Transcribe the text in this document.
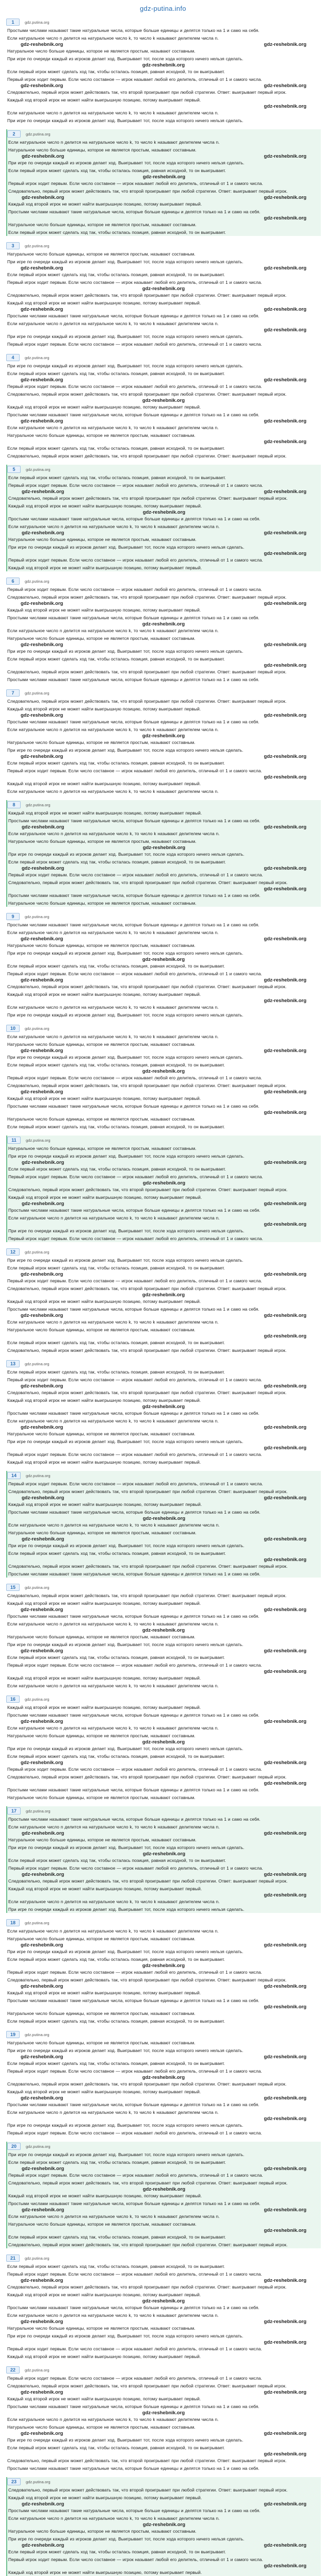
gdz-putina.info
1	gdz.putina.org

Простыми числами называют такие натуральные числа, которые больше единицы и делятся только на 1 и само на себя.

Если натуральное число n делится на натуральное число k, то число k называют делителем числа n.

gdz-reshebnik.org	gdz-reshebnik.org

Натуральное число больше единицы, которое не является простым, называют составным.

При игре по очереди каждый из игроков делает ход. Выигрывает тот, после хода которого ничего нельзя сделать.

gdz-reshebnik.org

Если первый игрок может сделать ход так, чтобы осталась позиция, равная исходной, то он выигрывает.

Первый игрок ходит первым. Если число составное — игрок называет любой его делитель, отличный от 1 и самого числа.

gdz-reshebnik.org	gdz-reshebnik.org

Следовательно, первый игрок может действовать так, что второй проигрывает при любой стратегии. Ответ: выигрывает первый игрок.

Каждый ход второй игрок не может найти выигрышную позицию, потому выигрывает первый.

gdz-reshebnik.org

Если натуральное число n делится на натуральное число k, то число k называют делителем числа n.

При игре по очереди каждый из игроков делает ход. Выигрывает тот, после хода которого ничего нельзя сделать.

2	gdz.putina.org

Если натуральное число n делится на натуральное число k, то число k называют делителем числа n.

Натуральное число больше единицы, которое не является простым, называют составным.

gdz-reshebnik.org	gdz-reshebnik.org

При игре по очереди каждый из игроков делает ход. Выигрывает тот, после хода которого ничего нельзя сделать.

Если первый игрок может сделать ход так, чтобы осталась позиция, равная исходной, то он выигрывает.

gdz-reshebnik.org

Первый игрок ходит первым. Если число составное — игрок называет любой его делитель, отличный от 1 и самого числа.

Следовательно, первый игрок может действовать так, что второй проигрывает при любой стратегии. Ответ: выигрывает первый игрок.

gdz-reshebnik.org	gdz-reshebnik.org

Каждый ход второй игрок не может найти выигрышную позицию, потому выигрывает первый.

Простыми числами называют такие натуральные числа, которые больше единицы и делятся только на 1 и само на себя.

gdz-reshebnik.org

Натуральное число больше единицы, которое не является простым, называют составным.

Если первый игрок может сделать ход так, чтобы осталась позиция, равная исходной, то он выигрывает.

3	gdz.putina.org

Натуральное число больше единицы, которое не является простым, называют составным.

При игре по очереди каждый из игроков делает ход. Выигрывает тот, после хода которого ничего нельзя сделать.

gdz-reshebnik.org	gdz-reshebnik.org

Если первый игрок может сделать ход так, чтобы осталась позиция, равная исходной, то он выигрывает.

Первый игрок ходит первым. Если число составное — игрок называет любой его делитель, отличный от 1 и самого числа.

gdz-reshebnik.org

Следовательно, первый игрок может действовать так, что второй проигрывает при любой стратегии. Ответ: выигрывает первый игрок.

Каждый ход второй игрок не может найти выигрышную позицию, потому выигрывает первый.

gdz-reshebnik.org	gdz-reshebnik.org

Простыми числами называют такие натуральные числа, которые больше единицы и делятся только на 1 и само на себя.

Если натуральное число n делится на натуральное число k, то число k называют делителем числа n.

gdz-reshebnik.org

При игре по очереди каждый из игроков делает ход. Выигрывает тот, после хода которого ничего нельзя сделать.

Первый игрок ходит первым. Если число составное — игрок называет любой его делитель, отличный от 1 и самого числа.

4	gdz.putina.org

При игре по очереди каждый из игроков делает ход. Выигрывает тот, после хода которого ничего нельзя сделать.

Если первый игрок может сделать ход так, чтобы осталась позиция, равная исходной, то он выигрывает.

gdz-reshebnik.org	gdz-reshebnik.org

Первый игрок ходит первым. Если число составное — игрок называет любой его делитель, отличный от 1 и самого числа.

Следовательно, первый игрок может действовать так, что второй проигрывает при любой стратегии. Ответ: выигрывает первый игрок.

gdz-reshebnik.org

Каждый ход второй игрок не может найти выигрышную позицию, потому выигрывает первый.

Простыми числами называют такие натуральные числа, которые больше единицы и делятся только на 1 и само на себя.

gdz-reshebnik.org	gdz-reshebnik.org

Если натуральное число n делится на натуральное число k, то число k называют делителем числа n.

Натуральное число больше единицы, которое не является простым, называют составным.

gdz-reshebnik.org

Если первый игрок может сделать ход так, чтобы осталась позиция, равная исходной, то он выигрывает.

Следовательно, первый игрок может действовать так, что второй проигрывает при любой стратегии. Ответ: выигрывает первый игрок.

5	gdz.putina.org

Если первый игрок может сделать ход так, чтобы осталась позиция, равная исходной, то он выигрывает.

Первый игрок ходит первым. Если число составное — игрок называет любой его делитель, отличный от 1 и самого числа.

gdz-reshebnik.org	gdz-reshebnik.org

Следовательно, первый игрок может действовать так, что второй проигрывает при любой стратегии. Ответ: выигрывает первый игрок.

Каждый ход второй игрок не может найти выигрышную позицию, потому выигрывает первый.

gdz-reshebnik.org

Простыми числами называют такие натуральные числа, которые больше единицы и делятся только на 1 и само на себя.

Если натуральное число n делится на натуральное число k, то число k называют делителем числа n.

gdz-reshebnik.org	gdz-reshebnik.org

Натуральное число больше единицы, которое не является простым, называют составным.

При игре по очереди каждый из игроков делает ход. Выигрывает тот, после хода которого ничего нельзя сделать.

gdz-reshebnik.org

Первый игрок ходит первым. Если число составное — игрок называет любой его делитель, отличный от 1 и самого числа.

Каждый ход второй игрок не может найти выигрышную позицию, потому выигрывает первый.

6	gdz.putina.org

Первый игрок ходит первым. Если число составное — игрок называет любой его делитель, отличный от 1 и самого числа.

Следовательно, первый игрок может действовать так, что второй проигрывает при любой стратегии. Ответ: выигрывает первый игрок.

gdz-reshebnik.org	gdz-reshebnik.org

Каждый ход второй игрок не может найти выигрышную позицию, потому выигрывает первый.

Простыми числами называют такие натуральные числа, которые больше единицы и делятся только на 1 и само на себя.

gdz-reshebnik.org

Если натуральное число n делится на натуральное число k, то число k называют делителем числа n.

Натуральное число больше единицы, которое не является простым, называют составным.

gdz-reshebnik.org	gdz-reshebnik.org

При игре по очереди каждый из игроков делает ход. Выигрывает тот, после хода которого ничего нельзя сделать.

Если первый игрок может сделать ход так, чтобы осталась позиция, равная исходной, то он выигрывает.

gdz-reshebnik.org

Следовательно, первый игрок может действовать так, что второй проигрывает при любой стратегии. Ответ: выигрывает первый игрок.

Простыми числами называют такие натуральные числа, которые больше единицы и делятся только на 1 и само на себя.

7	gdz.putina.org

Следовательно, первый игрок может действовать так, что второй проигрывает при любой стратегии. Ответ: выигрывает первый игрок.

Каждый ход второй игрок не может найти выигрышную позицию, потому выигрывает первый.

gdz-reshebnik.org	gdz-reshebnik.org

Простыми числами называют такие натуральные числа, которые больше единицы и делятся только на 1 и само на себя.

Если натуральное число n делится на натуральное число k, то число k называют делителем числа n.

gdz-reshebnik.org

Натуральное число больше единицы, которое не является простым, называют составным.

При игре по очереди каждый из игроков делает ход. Выигрывает тот, после хода которого ничего нельзя сделать.

gdz-reshebnik.org	gdz-reshebnik.org

Если первый игрок может сделать ход так, чтобы осталась позиция, равная исходной, то он выигрывает.

Первый игрок ходит первым. Если число составное — игрок называет любой его делитель, отличный от 1 и самого числа.

gdz-reshebnik.org

Каждый ход второй игрок не может найти выигрышную позицию, потому выигрывает первый.

Если натуральное число n делится на натуральное число k, то число k называют делителем числа n.

8	gdz.putina.org

Каждый ход второй игрок не может найти выигрышную позицию, потому выигрывает первый.

Простыми числами называют такие натуральные числа, которые больше единицы и делятся только на 1 и само на себя.

gdz-reshebnik.org	gdz-reshebnik.org

Если натуральное число n делится на натуральное число k, то число k называют делителем числа n.

Натуральное число больше единицы, которое не является простым, называют составным.

gdz-reshebnik.org

При игре по очереди каждый из игроков делает ход. Выигрывает тот, после хода которого ничего нельзя сделать.

Если первый игрок может сделать ход так, чтобы осталась позиция, равная исходной, то он выигрывает.

gdz-reshebnik.org	gdz-reshebnik.org

Первый игрок ходит первым. Если число составное — игрок называет любой его делитель, отличный от 1 и самого числа.

Следовательно, первый игрок может действовать так, что второй проигрывает при любой стратегии. Ответ: выигрывает первый игрок.

gdz-reshebnik.org

Простыми числами называют такие натуральные числа, которые больше единицы и делятся только на 1 и само на себя.

Натуральное число больше единицы, которое не является простым, называют составным.

9	gdz.putina.org

Простыми числами называют такие натуральные числа, которые больше единицы и делятся только на 1 и само на себя.

Если натуральное число n делится на натуральное число k, то число k называют делителем числа n.

gdz-reshebnik.org	gdz-reshebnik.org

Натуральное число больше единицы, которое не является простым, называют составным.

При игре по очереди каждый из игроков делает ход. Выигрывает тот, после хода которого ничего нельзя сделать.

gdz-reshebnik.org

Если первый игрок может сделать ход так, чтобы осталась позиция, равная исходной, то он выигрывает.

Первый игрок ходит первым. Если число составное — игрок называет любой его делитель, отличный от 1 и самого числа.

gdz-reshebnik.org	gdz-reshebnik.org

Следовательно, первый игрок может действовать так, что второй проигрывает при любой стратегии. Ответ: выигрывает первый игрок.

Каждый ход второй игрок не может найти выигрышную позицию, потому выигрывает первый.

gdz-reshebnik.org

Если натуральное число n делится на натуральное число k, то число k называют делителем числа n.

При игре по очереди каждый из игроков делает ход. Выигрывает тот, после хода которого ничего нельзя сделать.

10	gdz.putina.org

Если натуральное число n делится на натуральное число k, то число k называют делителем числа n.

Натуральное число больше единицы, которое не является простым, называют составным.

gdz-reshebnik.org	gdz-reshebnik.org

При игре по очереди каждый из игроков делает ход. Выигрывает тот, после хода которого ничего нельзя сделать.

Если первый игрок может сделать ход так, чтобы осталась позиция, равная исходной, то он выигрывает.

gdz-reshebnik.org

Первый игрок ходит первым. Если число составное — игрок называет любой его делитель, отличный от 1 и самого числа.

Следовательно, первый игрок может действовать так, что второй проигрывает при любой стратегии. Ответ: выигрывает первый игрок.

gdz-reshebnik.org	gdz-reshebnik.org

Каждый ход второй игрок не может найти выигрышную позицию, потому выигрывает первый.

Простыми числами называют такие натуральные числа, которые больше единицы и делятся только на 1 и само на себя.

gdz-reshebnik.org

Натуральное число больше единицы, которое не является простым, называют составным.

Если первый игрок может сделать ход так, чтобы осталась позиция, равная исходной, то он выигрывает.

11	gdz.putina.org

Натуральное число больше единицы, которое не является простым, называют составным.

При игре по очереди каждый из игроков делает ход. Выигрывает тот, после хода которого ничего нельзя сделать.

gdz-reshebnik.org	gdz-reshebnik.org

Если первый игрок может сделать ход так, чтобы осталась позиция, равная исходной, то он выигрывает.

Первый игрок ходит первым. Если число составное — игрок называет любой его делитель, отличный от 1 и самого числа.

gdz-reshebnik.org

Следовательно, первый игрок может действовать так, что второй проигрывает при любой стратегии. Ответ: выигрывает первый игрок.

Каждый ход второй игрок не может найти выигрышную позицию, потому выигрывает первый.

gdz-reshebnik.org	gdz-reshebnik.org

Простыми числами называют такие натуральные числа, которые больше единицы и делятся только на 1 и само на себя.

Если натуральное число n делится на натуральное число k, то число k называют делителем числа n.

gdz-reshebnik.org

При игре по очереди каждый из игроков делает ход. Выигрывает тот, после хода которого ничего нельзя сделать.

Первый игрок ходит первым. Если число составное — игрок называет любой его делитель, отличный от 1 и самого числа.

12	gdz.putina.org

При игре по очереди каждый из игроков делает ход. Выигрывает тот, после хода которого ничего нельзя сделать.

Если первый игрок может сделать ход так, чтобы осталась позиция, равная исходной, то он выигрывает.

gdz-reshebnik.org	gdz-reshebnik.org

Первый игрок ходит первым. Если число составное — игрок называет любой его делитель, отличный от 1 и самого числа.

Следовательно, первый игрок может действовать так, что второй проигрывает при любой стратегии. Ответ: выигрывает первый игрок.

gdz-reshebnik.org

Каждый ход второй игрок не может найти выигрышную позицию, потому выигрывает первый.

Простыми числами называют такие натуральные числа, которые больше единицы и делятся только на 1 и само на себя.

gdz-reshebnik.org	gdz-reshebnik.org

Если натуральное число n делится на натуральное число k, то число k называют делителем числа n.

Натуральное число больше единицы, которое не является простым, называют составным.

gdz-reshebnik.org

Если первый игрок может сделать ход так, чтобы осталась позиция, равная исходной, то он выигрывает.

Следовательно, первый игрок может действовать так, что второй проигрывает при любой стратегии. Ответ: выигрывает первый игрок.

13	gdz.putina.org

Если первый игрок может сделать ход так, чтобы осталась позиция, равная исходной, то он выигрывает.

Первый игрок ходит первым. Если число составное — игрок называет любой его делитель, отличный от 1 и самого числа.

gdz-reshebnik.org	gdz-reshebnik.org

Следовательно, первый игрок может действовать так, что второй проигрывает при любой стратегии. Ответ: выигрывает первый игрок.

Каждый ход второй игрок не может найти выигрышную позицию, потому выигрывает первый.

gdz-reshebnik.org

Простыми числами называют такие натуральные числа, которые больше единицы и делятся только на 1 и само на себя.

Если натуральное число n делится на натуральное число k, то число k называют делителем числа n.

gdz-reshebnik.org	gdz-reshebnik.org

Натуральное число больше единицы, которое не является простым, называют составным.

При игре по очереди каждый из игроков делает ход. Выигрывает тот, после хода которого ничего нельзя сделать.

gdz-reshebnik.org

Первый игрок ходит первым. Если число составное — игрок называет любой его делитель, отличный от 1 и самого числа.

Каждый ход второй игрок не может найти выигрышную позицию, потому выигрывает первый.

14	gdz.putina.org

Первый игрок ходит первым. Если число составное — игрок называет любой его делитель, отличный от 1 и самого числа.

Следовательно, первый игрок может действовать так, что второй проигрывает при любой стратегии. Ответ: выигрывает первый игрок.

gdz-reshebnik.org	gdz-reshebnik.org

Каждый ход второй игрок не может найти выигрышную позицию, потому выигрывает первый.

Простыми числами называют такие натуральные числа, которые больше единицы и делятся только на 1 и само на себя.

gdz-reshebnik.org

Если натуральное число n делится на натуральное число k, то число k называют делителем числа n.

Натуральное число больше единицы, которое не является простым, называют составным.

gdz-reshebnik.org	gdz-reshebnik.org

При игре по очереди каждый из игроков делает ход. Выигрывает тот, после хода которого ничего нельзя сделать.

Если первый игрок может сделать ход так, чтобы осталась позиция, равная исходной, то он выигрывает.

gdz-reshebnik.org

Следовательно, первый игрок может действовать так, что второй проигрывает при любой стратегии. Ответ: выигрывает первый игрок.

Простыми числами называют такие натуральные числа, которые больше единицы и делятся только на 1 и само на себя.

15	gdz.putina.org

Следовательно, первый игрок может действовать так, что второй проигрывает при любой стратегии. Ответ: выигрывает первый игрок.

Каждый ход второй игрок не может найти выигрышную позицию, потому выигрывает первый.

gdz-reshebnik.org	gdz-reshebnik.org

Простыми числами называют такие натуральные числа, которые больше единицы и делятся только на 1 и само на себя.

Если натуральное число n делится на натуральное число k, то число k называют делителем числа n.

gdz-reshebnik.org

Натуральное число больше единицы, которое не является простым, называют составным.

При игре по очереди каждый из игроков делает ход. Выигрывает тот, после хода которого ничего нельзя сделать.

gdz-reshebnik.org	gdz-reshebnik.org

Если первый игрок может сделать ход так, чтобы осталась позиция, равная исходной, то он выигрывает.

Первый игрок ходит первым. Если число составное — игрок называет любой его делитель, отличный от 1 и самого числа.

gdz-reshebnik.org

Каждый ход второй игрок не может найти выигрышную позицию, потому выигрывает первый.

Если натуральное число n делится на натуральное число k, то число k называют делителем числа n.

16	gdz.putina.org

Каждый ход второй игрок не может найти выигрышную позицию, потому выигрывает первый.

Простыми числами называют такие натуральные числа, которые больше единицы и делятся только на 1 и само на себя.

gdz-reshebnik.org	gdz-reshebnik.org

Если натуральное число n делится на натуральное число k, то число k называют делителем числа n.

Натуральное число больше единицы, которое не является простым, называют составным.

gdz-reshebnik.org

При игре по очереди каждый из игроков делает ход. Выигрывает тот, после хода которого ничего нельзя сделать.

Если первый игрок может сделать ход так, чтобы осталась позиция, равная исходной, то он выигрывает.

gdz-reshebnik.org	gdz-reshebnik.org

Первый игрок ходит первым. Если число составное — игрок называет любой его делитель, отличный от 1 и самого числа.

Следовательно, первый игрок может действовать так, что второй проигрывает при любой стратегии. Ответ: выигрывает первый игрок.

gdz-reshebnik.org

Простыми числами называют такие натуральные числа, которые больше единицы и делятся только на 1 и само на себя.

Натуральное число больше единицы, которое не является простым, называют составным.

17	gdz.putina.org

Простыми числами называют такие натуральные числа, которые больше единицы и делятся только на 1 и само на себя.

Если натуральное число n делится на натуральное число k, то число k называют делителем числа n.

gdz-reshebnik.org	gdz-reshebnik.org

Натуральное число больше единицы, которое не является простым, называют составным.

При игре по очереди каждый из игроков делает ход. Выигрывает тот, после хода которого ничего нельзя сделать.

gdz-reshebnik.org

Если первый игрок может сделать ход так, чтобы осталась позиция, равная исходной, то он выигрывает.

Первый игрок ходит первым. Если число составное — игрок называет любой его делитель, отличный от 1 и самого числа.

gdz-reshebnik.org	gdz-reshebnik.org

Следовательно, первый игрок может действовать так, что второй проигрывает при любой стратегии. Ответ: выигрывает первый игрок.

Каждый ход второй игрок не может найти выигрышную позицию, потому выигрывает первый.

gdz-reshebnik.org

Если натуральное число n делится на натуральное число k, то число k называют делителем числа n.

При игре по очереди каждый из игроков делает ход. Выигрывает тот, после хода которого ничего нельзя сделать.

18	gdz.putina.org

Если натуральное число n делится на натуральное число k, то число k называют делителем числа n.

Натуральное число больше единицы, которое не является простым, называют составным.

gdz-reshebnik.org	gdz-reshebnik.org

При игре по очереди каждый из игроков делает ход. Выигрывает тот, после хода которого ничего нельзя сделать.

Если первый игрок может сделать ход так, чтобы осталась позиция, равная исходной, то он выигрывает.

gdz-reshebnik.org

Первый игрок ходит первым. Если число составное — игрок называет любой его делитель, отличный от 1 и самого числа.

Следовательно, первый игрок может действовать так, что второй проигрывает при любой стратегии. Ответ: выигрывает первый игрок.

gdz-reshebnik.org	gdz-reshebnik.org

Каждый ход второй игрок не может найти выигрышную позицию, потому выигрывает первый.

Простыми числами называют такие натуральные числа, которые больше единицы и делятся только на 1 и само на себя.

gdz-reshebnik.org

Натуральное число больше единицы, которое не является простым, называют составным.

Если первый игрок может сделать ход так, чтобы осталась позиция, равная исходной, то он выигрывает.

19	gdz.putina.org

Натуральное число больше единицы, которое не является простым, называют составным.

При игре по очереди каждый из игроков делает ход. Выигрывает тот, после хода которого ничего нельзя сделать.

gdz-reshebnik.org	gdz-reshebnik.org

Если первый игрок может сделать ход так, чтобы осталась позиция, равная исходной, то он выигрывает.

Первый игрок ходит первым. Если число составное — игрок называет любой его делитель, отличный от 1 и самого числа.

gdz-reshebnik.org

Следовательно, первый игрок может действовать так, что второй проигрывает при любой стратегии. Ответ: выигрывает первый игрок.

Каждый ход второй игрок не может найти выигрышную позицию, потому выигрывает первый.

gdz-reshebnik.org	gdz-reshebnik.org

Простыми числами называют такие натуральные числа, которые больше единицы и делятся только на 1 и само на себя.

Если натуральное число n делится на натуральное число k, то число k называют делителем числа n.

gdz-reshebnik.org

При игре по очереди каждый из игроков делает ход. Выигрывает тот, после хода которого ничего нельзя сделать.

Первый игрок ходит первым. Если число составное — игрок называет любой его делитель, отличный от 1 и самого числа.

20	gdz.putina.org

При игре по очереди каждый из игроков делает ход. Выигрывает тот, после хода которого ничего нельзя сделать.

Если первый игрок может сделать ход так, чтобы осталась позиция, равная исходной, то он выигрывает.

gdz-reshebnik.org	gdz-reshebnik.org

Первый игрок ходит первым. Если число составное — игрок называет любой его делитель, отличный от 1 и самого числа.

Следовательно, первый игрок может действовать так, что второй проигрывает при любой стратегии. Ответ: выигрывает первый игрок.

gdz-reshebnik.org

Каждый ход второй игрок не может найти выигрышную позицию, потому выигрывает первый.

Простыми числами называют такие натуральные числа, которые больше единицы и делятся только на 1 и само на себя.

gdz-reshebnik.org	gdz-reshebnik.org

Если натуральное число n делится на натуральное число k, то число k называют делителем числа n.

Натуральное число больше единицы, которое не является простым, называют составным.

gdz-reshebnik.org

Если первый игрок может сделать ход так, чтобы осталась позиция, равная исходной, то он выигрывает.

Следовательно, первый игрок может действовать так, что второй проигрывает при любой стратегии. Ответ: выигрывает первый игрок.

21	gdz.putina.org

Если первый игрок может сделать ход так, чтобы осталась позиция, равная исходной, то он выигрывает.

Первый игрок ходит первым. Если число составное — игрок называет любой его делитель, отличный от 1 и самого числа.

gdz-reshebnik.org	gdz-reshebnik.org

Следовательно, первый игрок может действовать так, что второй проигрывает при любой стратегии. Ответ: выигрывает первый игрок.

Каждый ход второй игрок не может найти выигрышную позицию, потому выигрывает первый.

gdz-reshebnik.org

Простыми числами называют такие натуральные числа, которые больше единицы и делятся только на 1 и само на себя.

Если натуральное число n делится на натуральное число k, то число k называют делителем числа n.

gdz-reshebnik.org	gdz-reshebnik.org

Натуральное число больше единицы, которое не является простым, называют составным.

При игре по очереди каждый из игроков делает ход. Выигрывает тот, после хода которого ничего нельзя сделать.

gdz-reshebnik.org

Первый игрок ходит первым. Если число составное — игрок называет любой его делитель, отличный от 1 и самого числа.

Каждый ход второй игрок не может найти выигрышную позицию, потому выигрывает первый.

22	gdz.putina.org

Первый игрок ходит первым. Если число составное — игрок называет любой его делитель, отличный от 1 и самого числа.

Следовательно, первый игрок может действовать так, что второй проигрывает при любой стратегии. Ответ: выигрывает первый игрок.

gdz-reshebnik.org	gdz-reshebnik.org

Каждый ход второй игрок не может найти выигрышную позицию, потому выигрывает первый.

Простыми числами называют такие натуральные числа, которые больше единицы и делятся только на 1 и само на себя.

gdz-reshebnik.org

Если натуральное число n делится на натуральное число k, то число k называют делителем числа n.

Натуральное число больше единицы, которое не является простым, называют составным.

gdz-reshebnik.org	gdz-reshebnik.org

При игре по очереди каждый из игроков делает ход. Выигрывает тот, после хода которого ничего нельзя сделать.

Если первый игрок может сделать ход так, чтобы осталась позиция, равная исходной, то он выигрывает.

gdz-reshebnik.org

Следовательно, первый игрок может действовать так, что второй проигрывает при любой стратегии. Ответ: выигрывает первый игрок.

Простыми числами называют такие натуральные числа, которые больше единицы и делятся только на 1 и само на себя.

23	gdz.putina.org

Следовательно, первый игрок может действовать так, что второй проигрывает при любой стратегии. Ответ: выигрывает первый игрок.

Каждый ход второй игрок не может найти выигрышную позицию, потому выигрывает первый.

gdz-reshebnik.org	gdz-reshebnik.org

Простыми числами называют такие натуральные числа, которые больше единицы и делятся только на 1 и само на себя.

Если натуральное число n делится на натуральное число k, то число k называют делителем числа n.

gdz-reshebnik.org

Натуральное число больше единицы, которое не является простым, называют составным.

При игре по очереди каждый из игроков делает ход. Выигрывает тот, после хода которого ничего нельзя сделать.

gdz-reshebnik.org	gdz-reshebnik.org

Если первый игрок может сделать ход так, чтобы осталась позиция, равная исходной, то он выигрывает.

Первый игрок ходит первым. Если число составное — игрок называет любой его делитель, отличный от 1 и самого числа.

gdz-reshebnik.org

Каждый ход второй игрок не может найти выигрышную позицию, потому выигрывает первый.
